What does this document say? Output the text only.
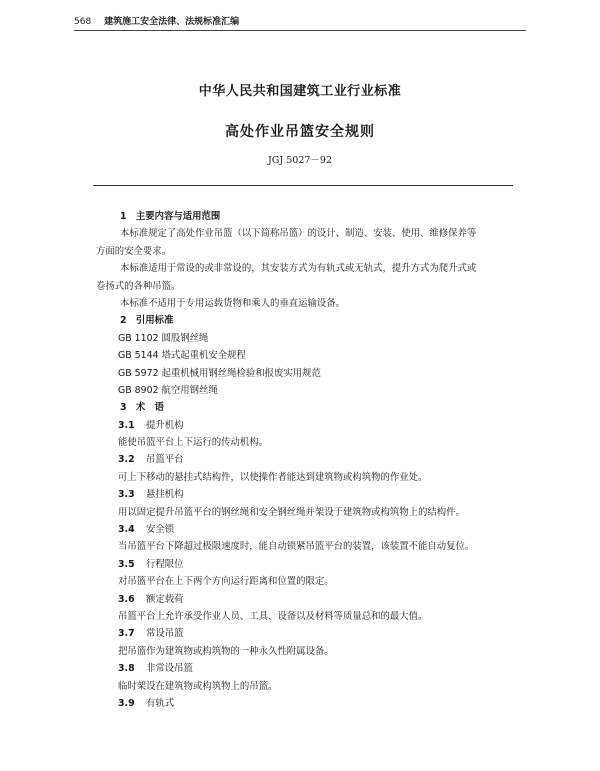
568 建筑施工安全法律、法规标准汇编
中华人民共和国建筑工业行业标准
高处作业吊篮安全规则
JGJ 5027－92
1　主要内容与适用范围
本标准规定了高处作业吊篮（以下简称吊篮）的设计、制造、安装、使用、维修保养等
方面的安全要求。
本标准适用于常设的或非常设的，其安装方式为有轨式或无轨式，提升方式为爬升式或
卷扬式的各种吊篮。
本标准不适用于专用运载货物和乘人的垂直运输设备。
2　引用标准
GB 1102 圆股钢丝绳
GB 5144 塔式起重机安全规程
GB 5972 起重机械用钢丝绳检验和报废实用规范
GB 8902 航空用钢丝绳
3　术　语
3.1 提升机构
能使吊篮平台上下运行的传动机构。
3.2 吊篮平台
可上下移动的悬挂式结构件，以使操作者能达到建筑物或构筑物的作业处。
3.3 悬挂机构
用以固定提升吊篮平台的钢丝绳和安全钢丝绳并架设于建筑物或构筑物上的结构件。
3.4 安全锁
当吊篮平台下降超过极限速度时，能自动锁紧吊篮平台的装置，该装置不能自动复位。
3.5 行程限位
对吊篮平台在上下两个方向运行距离和位置的限定。
3.6 额定载荷
吊篮平台上允许承受作业人员、工具、设备以及材料等质量总和的最大值。
3.7 常设吊篮
把吊篮作为建筑物或构筑物的一种永久性附属设备。
3.8 非常设吊篮
临时架设在建筑物或构筑物上的吊篮。
3.9 有轨式
